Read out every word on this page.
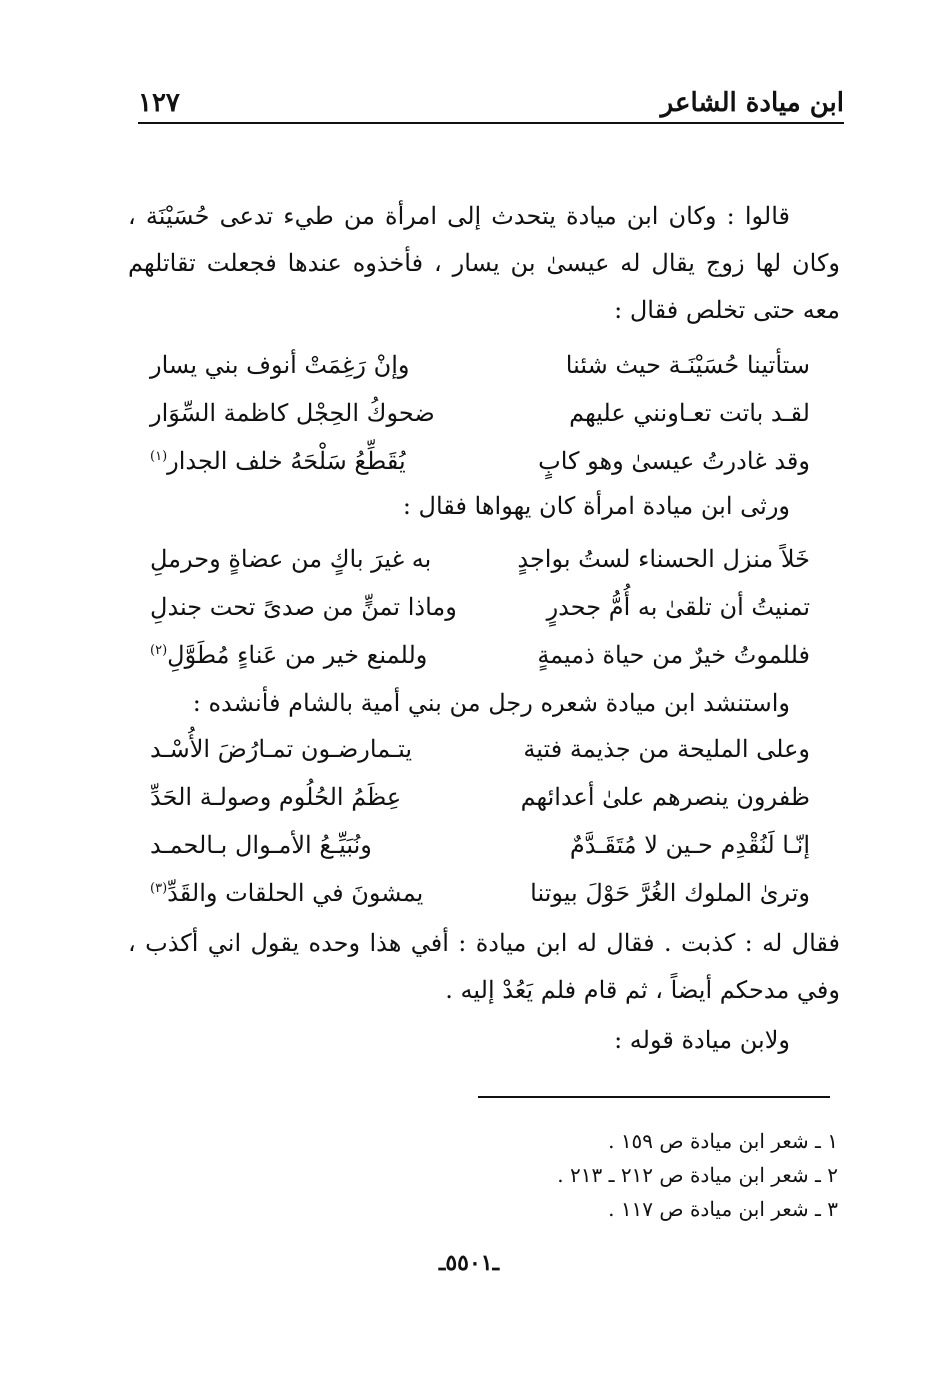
ابن ميادة الشاعر
١٢٧
قالوا : وكان ابن ميادة يتحدث إلى امرأة من طيء تدعى حُسَيْنَة ، وكان لها زوج يقال له عيسىٰ بن يسار ، فأخذوه عندها فجعلت تقاتلهم معه حتى تخلص فقال :
ستأتينا حُسَيْنَـة حيث شئنا
وإنْ رَغِمَتْ أنوف بني يسار
لقـد باتت تعـاونني عليهم
ضحوكُ الحِجْل كاظمة السِّوَار
وقد غادرتُ عيسىٰ وهو كابٍ
يُقَطِّعُ سَلْحَهُ خلف الجدار$^{(١)}$
ورثى ابن ميادة امرأة كان يهواها فقال :
خَلاً منزل الحسناء لستُ بواجدٍ
به غيرَ باكٍ من عضاةٍ وحرملِ
تمنيتُ أن تلقىٰ به أُمُّ جحدرٍ
وماذا تمنٍّ من صدىً تحت جندلِ
فللموتُ خيرٌ من حياة ذميمةٍ
وللمنع خير من عَناءٍ مُطَوَّلِ$^{(٢)}$
واستنشد ابن ميادة شعره رجل من بني أمية بالشام فأنشده :
وعلى المليحة من جذيمة فتية
يتـمارضـون تمـارُضَ الأُسْـد
ظفرون ينصرهم علىٰ أعدائهم
عِظَمُ الحُلُوم وصولـة الحَدِّ
إنّـا لَنُقْدِم حـين لا مُتَقَـدَّمٌ
ونُبَيِّـعُ الأمـوال بـالحمـد
وترىٰ الملوك الغُرَّ حَوْلَ بيوتنا
يمشونَ في الحلقات والقَدِّ$^{(٣)}$
فقال له : كذبت . فقال له ابن ميادة : أفي هذا وحده يقول اني أكذب ، وفي مدحكم أيضاً ، ثم قام فلم يَعُدْ إليه .
ولابن ميادة قوله :
١ ـ شعر ابن ميادة ص ١٥٩ .
٢ ـ شعر ابن ميادة ص ٢١٢ ـ ٢١٣ .
٣ ـ شعر ابن ميادة ص ١١٧ .
ـ٥٥٠١ـ
